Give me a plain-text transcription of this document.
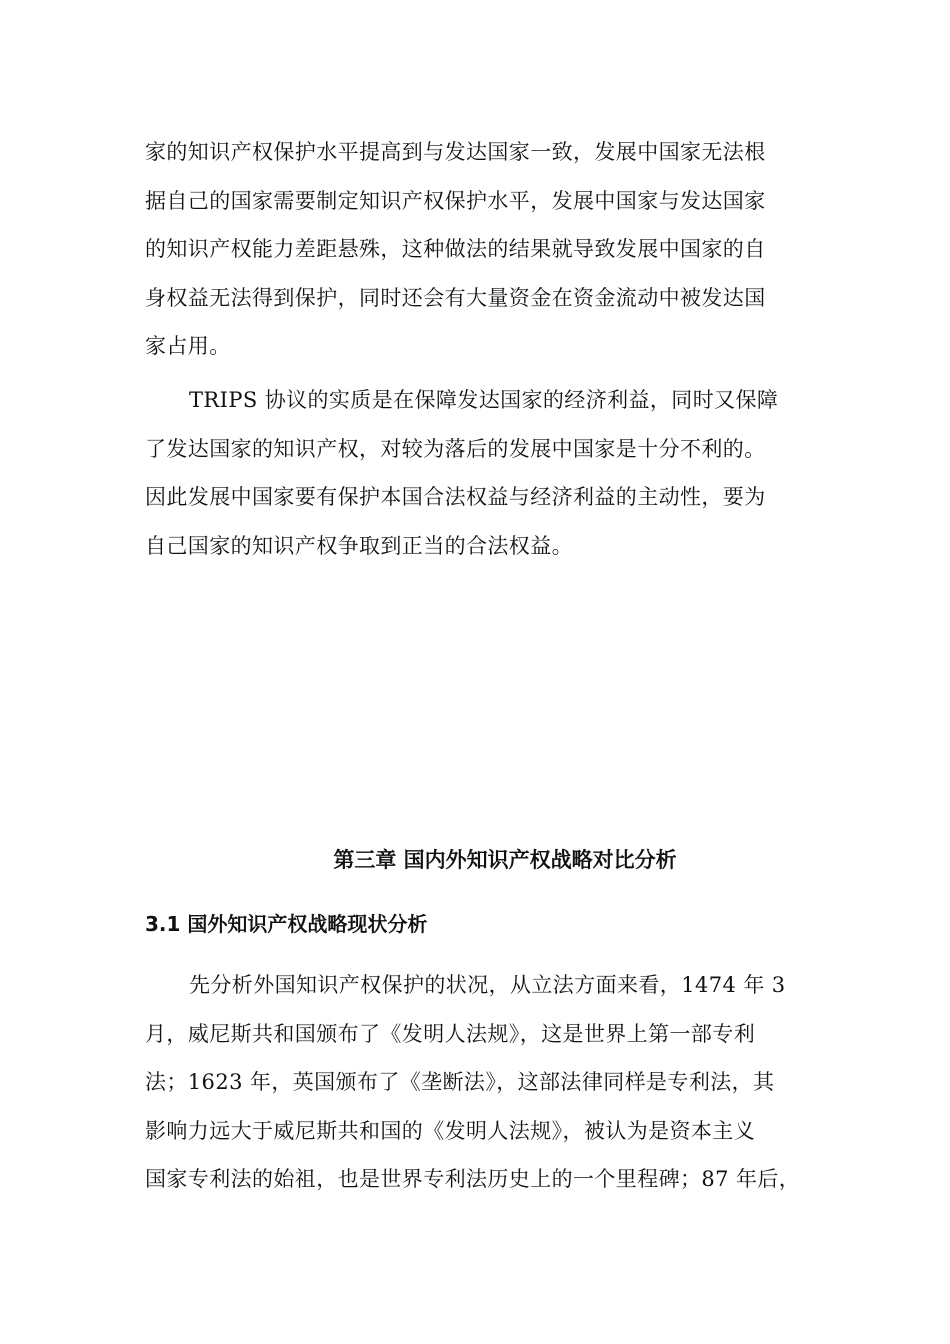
家的知识产权保护水平提高到与发达国家一致，发展中国家无法根
据自己的国家需要制定知识产权保护水平，发展中国家与发达国家
的知识产权能力差距悬殊，这种做法的结果就导致发展中国家的自
身权益无法得到保护，同时还会有大量资金在资金流动中被发达国
家占用。
TRIPS 协议的实质是在保障发达国家的经济利益，同时又保障
了发达国家的知识产权，对较为落后的发展中国家是十分不利的。
因此发展中国家要有保护本国合法权益与经济利益的主动性，要为
自己国家的知识产权争取到正当的合法权益。
第三章 国内外知识产权战略对比分析
3.1 国外知识产权战略现状分析
先分析外国知识产权保护的状况，从立法方面来看，1474 年 3
月，威尼斯共和国颁布了《发明人法规》，这是世界上第一部专利
法；1623 年，英国颁布了《垄断法》，这部法律同样是专利法，其
影响力远大于威尼斯共和国的《发明人法规》，被认为是资本主义
国家专利法的始祖，也是世界专利法历史上的一个里程碑；87 年后，
